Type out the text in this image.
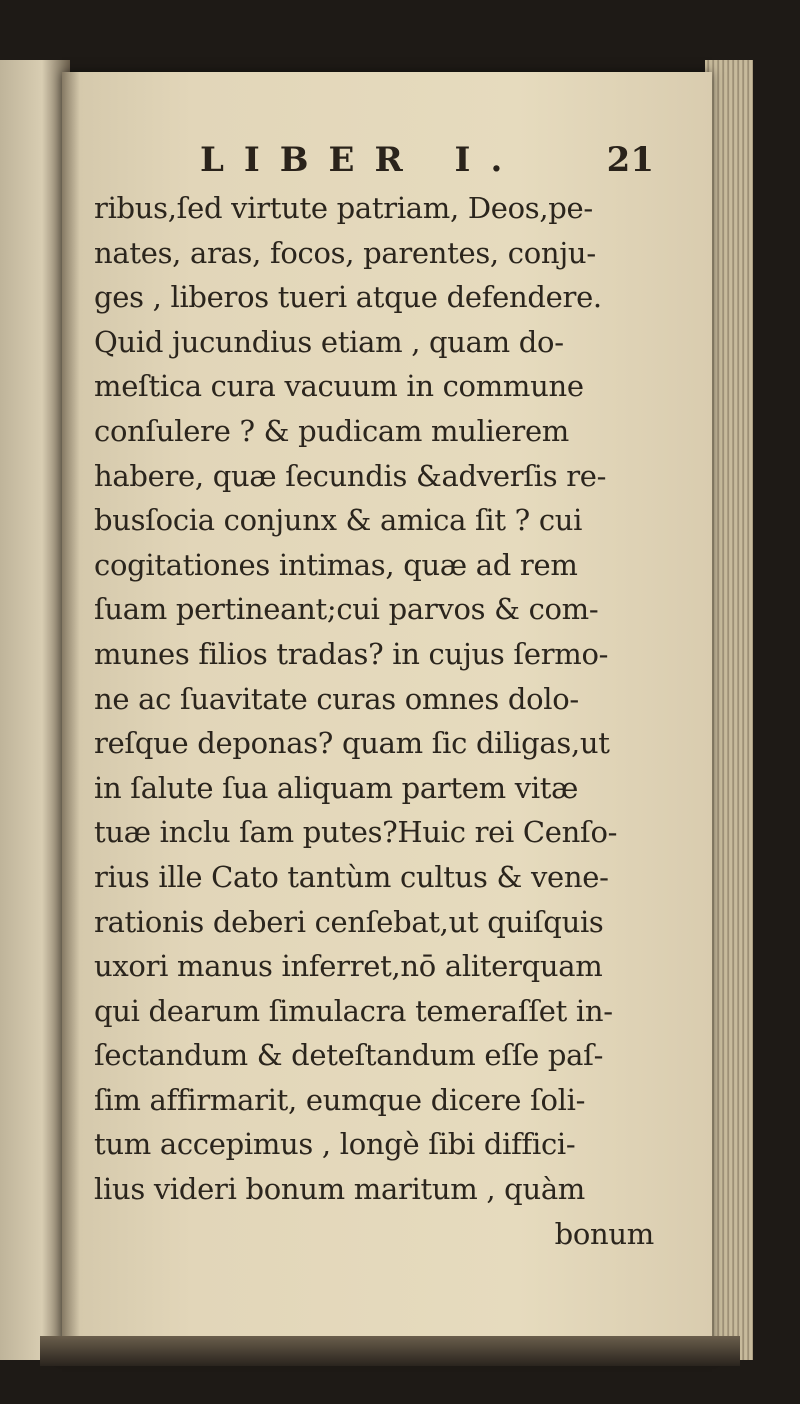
LIBER I. 21
ribus,ſed virtute patriam, Deos,pe-
nates, aras, focos, parentes, conju-
ges , liberos tueri atque defendere.
Quid jucundius etiam , quam do-
meſtica cura vacuum in commune
conſulere ? & pudicam mulierem
habere, quæ ſecundis &adverſis re-
busſocia conjunx & amica ſit ? cui
cogitationes intimas, quæ ad rem
ſuam pertineant;cui parvos & com-
munes filios tradas? in cujus ſermo-
ne ac ſuavitate curas omnes dolo-
reſque deponas? quam ſic diligas,ut
in ſalute ſua aliquam partem vitæ
tuæ inclu ſam putes?Huic rei Cenſo-
rius ille Cato tantùm cultus & vene-
rationis deberi cenſebat,ut quiſquis
uxori manus inferret,nō aliterquam
qui dearum ſimulacra temeraſſet in-
ſectandum & deteſtandum eſſe paſ-
ſim affirmarit, eumque dicere ſoli-
tum accepimus , longè ſibi diffici-
lius videri bonum maritum , quàm
bonum
